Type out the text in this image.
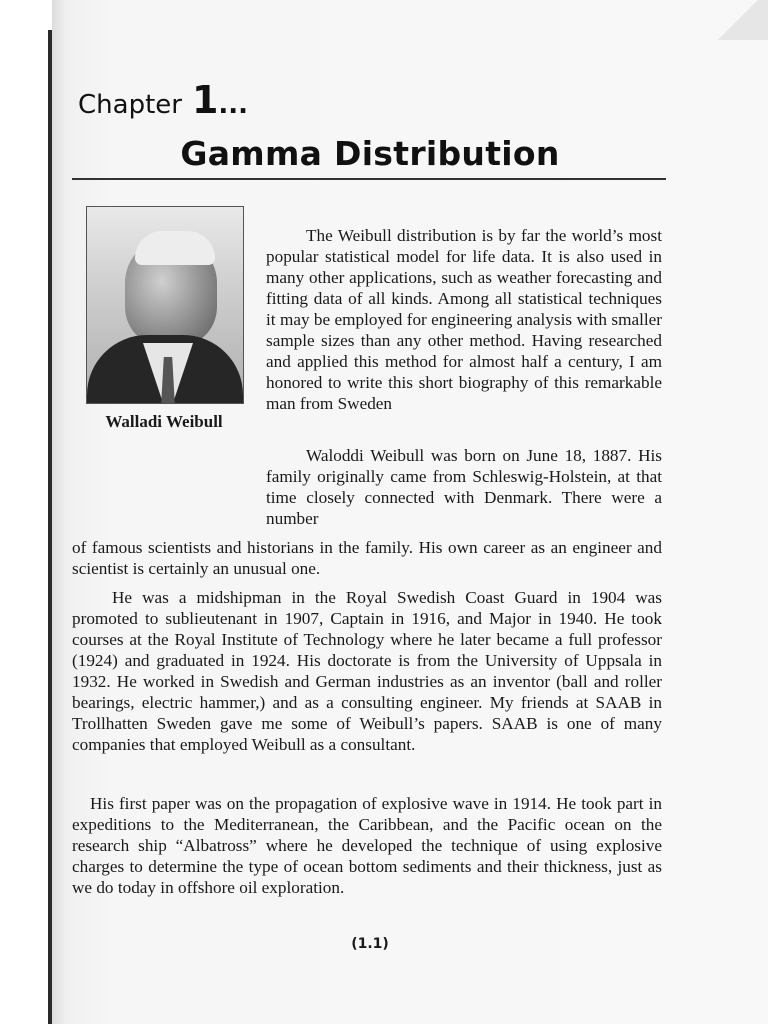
Chapter 1...
Gamma Distribution
Walladi Weibull

The Weibull distribution is by far the world’s most popular statistical model for life data. It is also used in many other applications, such as weather forecasting and fitting data of all kinds. Among all statistical techniques it may be employed for engineering analysis with smaller sample sizes than any other method. Having researched and applied this method for almost half a century, I am honored to write this short biography of this remarkable man from Sweden

Waloddi Weibull was born on June 18, 1887. His family originally came from Schleswig-Holstein, at that time closely connected with Denmark. There were a number

of famous scientists and historians in the family. His own career as an engineer and scientist is certainly an unusual one.

He was a midshipman in the Royal Swedish Coast Guard in 1904 was promoted to sublieutenant in 1907, Captain in 1916, and Major in 1940. He took courses at the Royal Institute of Technology where he later became a full professor (1924) and graduated in 1924. His doctorate is from the University of Uppsala in 1932. He worked in Swedish and German industries as an inventor (ball and roller bearings, electric hammer,) and as a consulting engineer. My friends at SAAB in Trollhatten Sweden gave me some of Weibull’s papers. SAAB is one of many companies that employed Weibull as a consultant.

His first paper was on the propagation of explosive wave in 1914. He took part in expeditions to the Mediterranean, the Caribbean, and the Pacific ocean on the research ship “Albatross” where he developed the technique of using explosive charges to determine the type of ocean bottom sediments and their thickness, just as we do today in offshore oil exploration.

(1.1)
